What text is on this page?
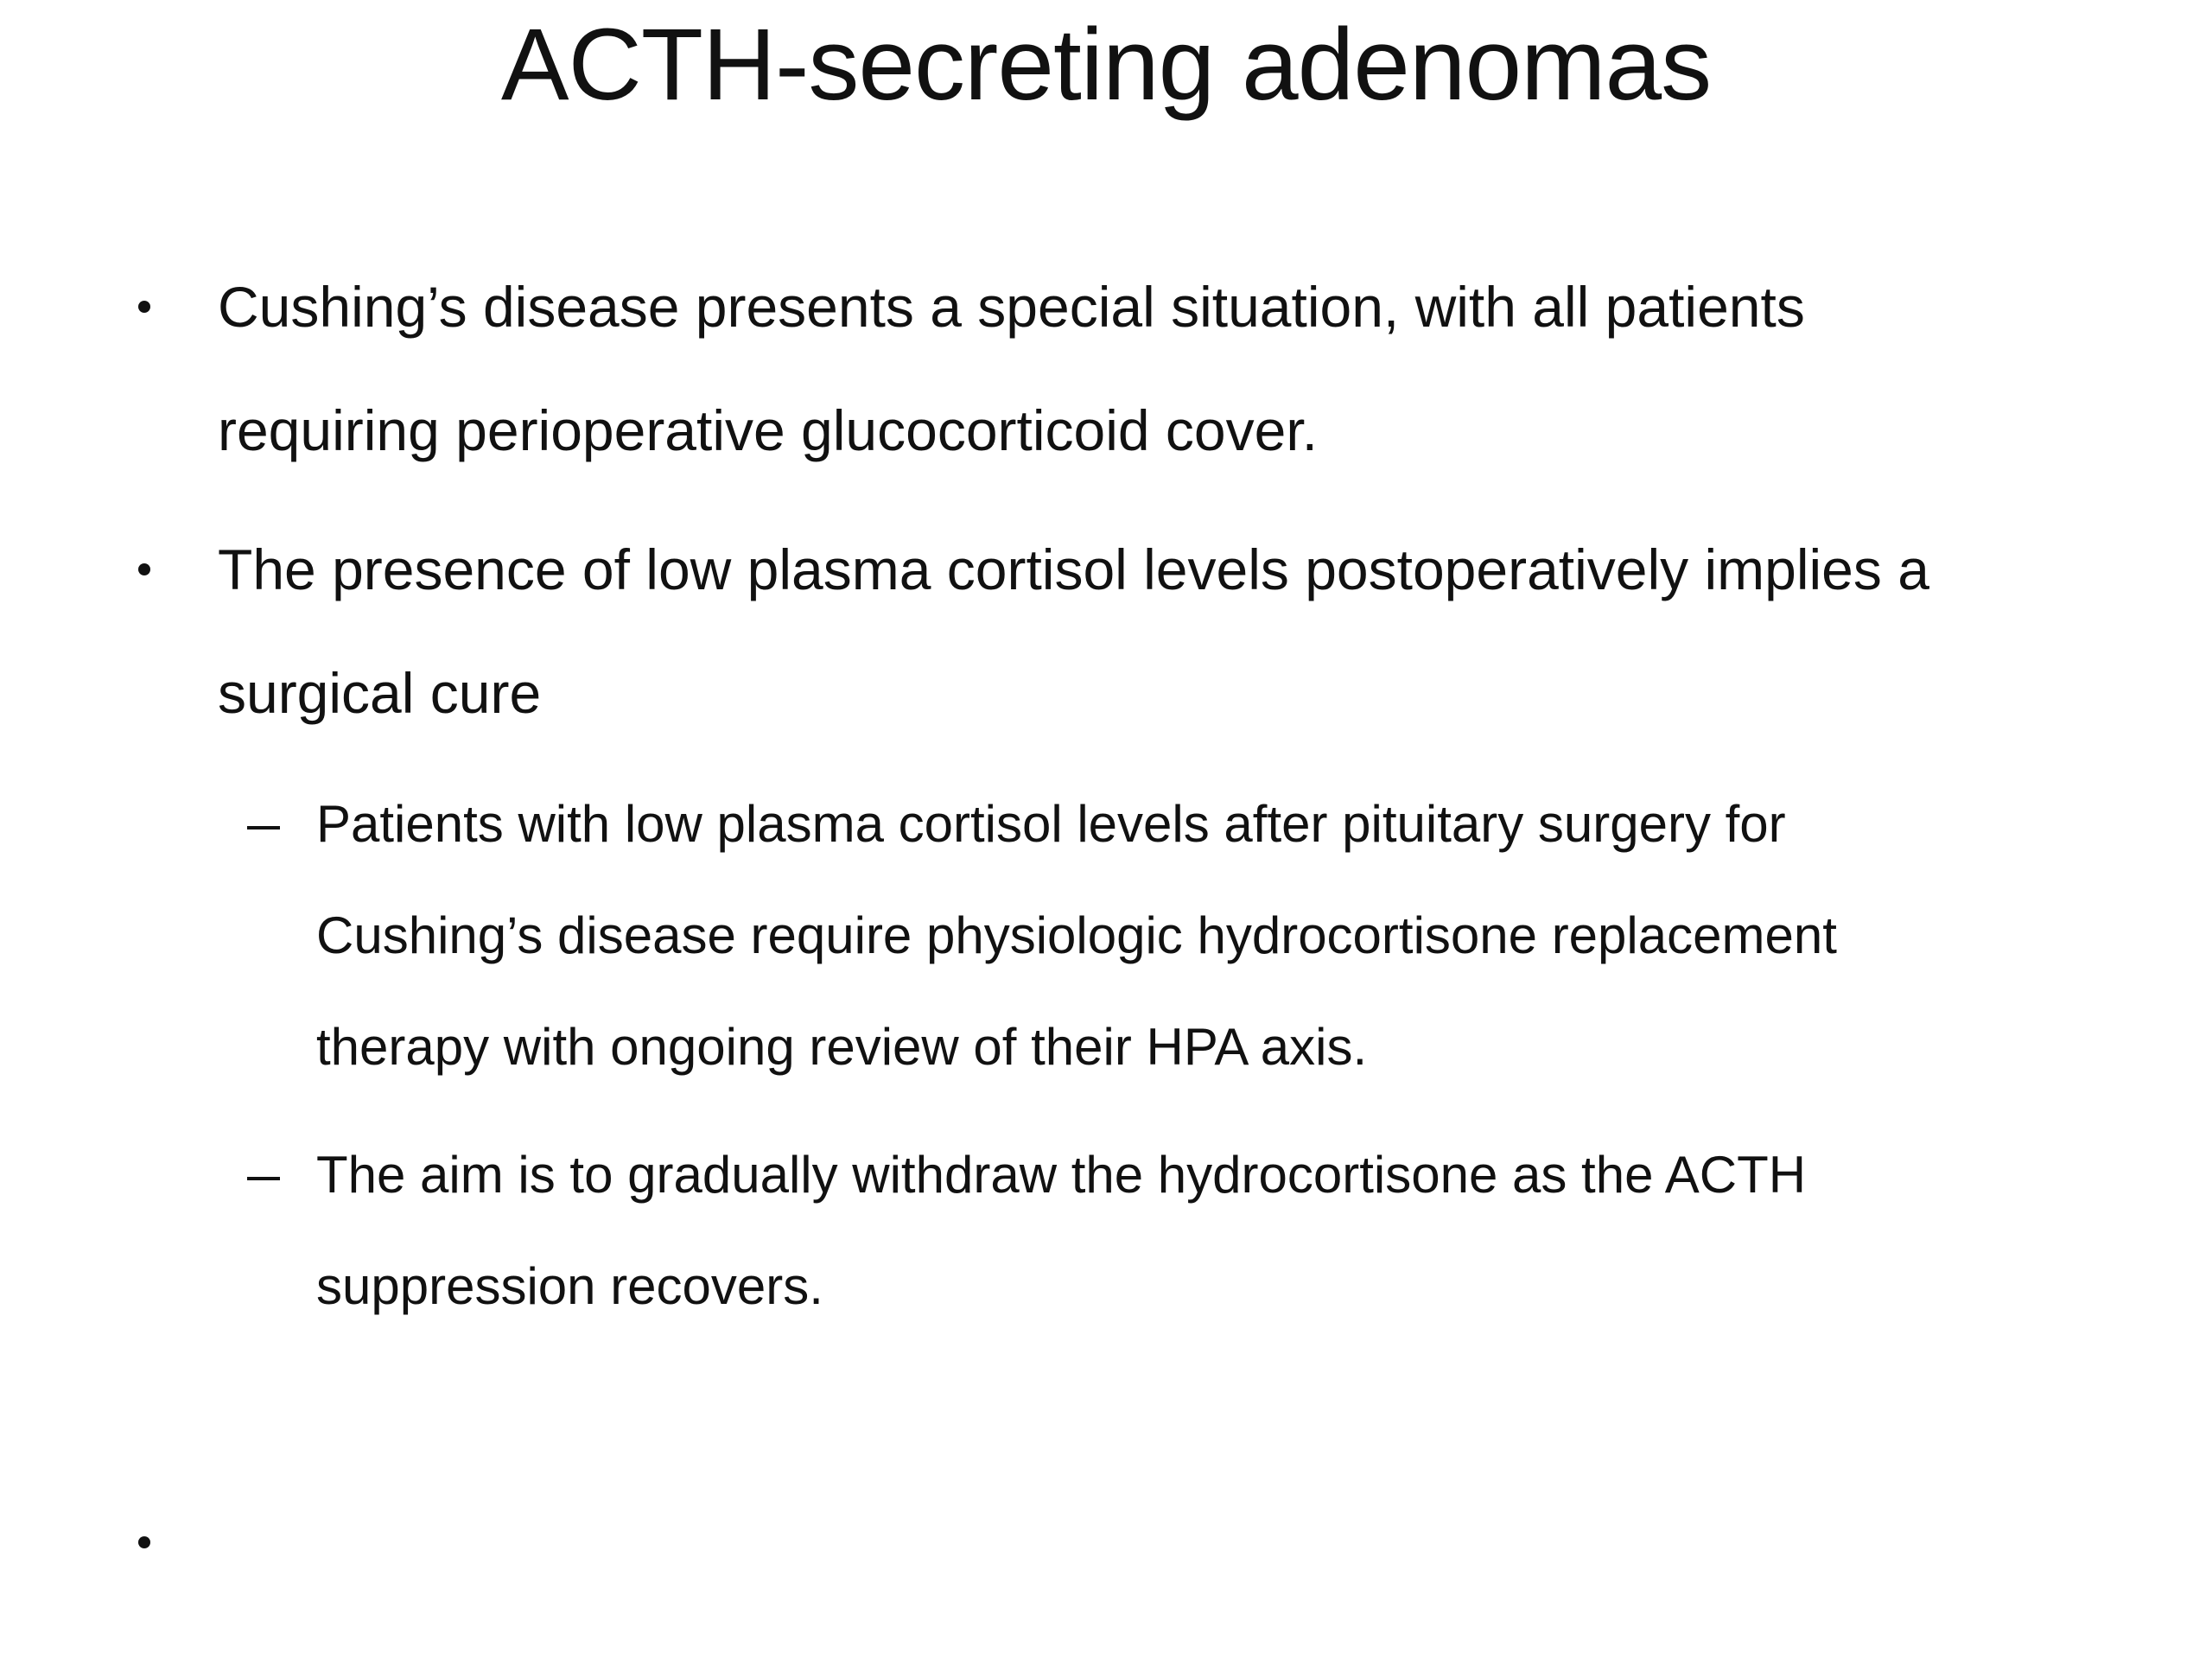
ACTH-secreting adenomas
Cushing’s disease presents a special situation, with all patients
requiring perioperative glucocorticoid cover.
The presence of low plasma cortisol levels postoperatively implies a
surgical cure
Patients with low plasma cortisol levels after pituitary surgery for
Cushing’s disease require physiologic hydrocortisone replacement
therapy with ongoing review of their HPA axis.
The aim is to gradually withdraw the hydrocortisone as the ACTH
suppression recovers.
